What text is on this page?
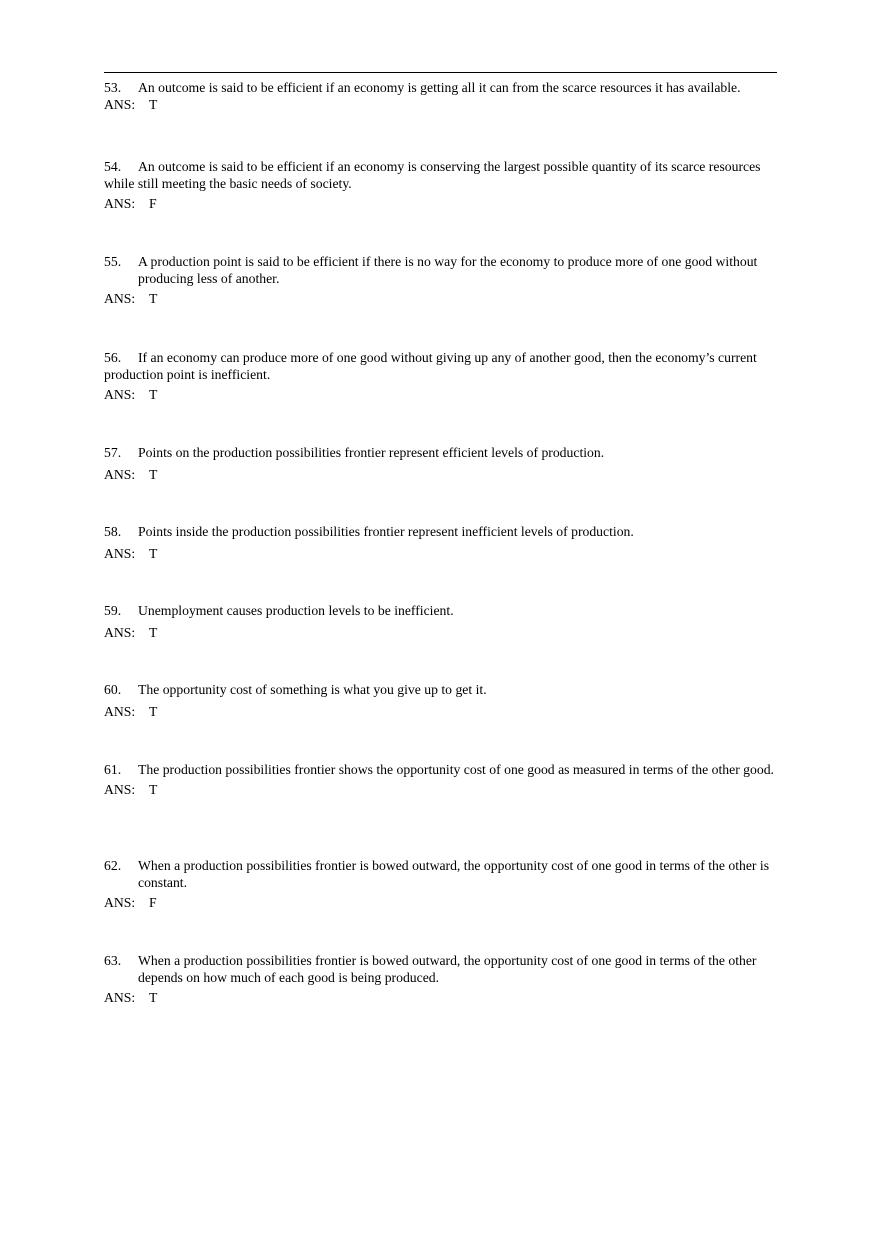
53.	An outcome is said to be efficient if an economy is getting all it can from the scarce resources it has available.
ANS: T
54. An outcome is said to be efficient if an economy is conserving the largest possible quantity of its scarce resources while still meeting the basic needs of society.
ANS: F
55.	A production point is said to be efficient if there is no way for the economy to produce more of one good without producing less of another.
ANS: T
56. If an economy can produce more of one good without giving up any of another good, then the economy’s current production point is inefficient.
ANS: T
57.	Points on the production possibilities frontier represent efficient levels of production.
ANS: T
58.	Points inside the production possibilities frontier represent inefficient levels of production.
ANS: T
59.	Unemployment causes production levels to be inefficient.
ANS: T
60.	The opportunity cost of something is what you give up to get it.
ANS: T
61.	The production possibilities frontier shows the opportunity cost of one good as measured in terms of the other good.
ANS: T
62.	When a production possibilities frontier is bowed outward, the opportunity cost of one good in terms of the other is constant.
ANS: F
63.	When a production possibilities frontier is bowed outward, the opportunity cost of one good in terms of the other depends on how much of each good is being produced.
ANS: T
